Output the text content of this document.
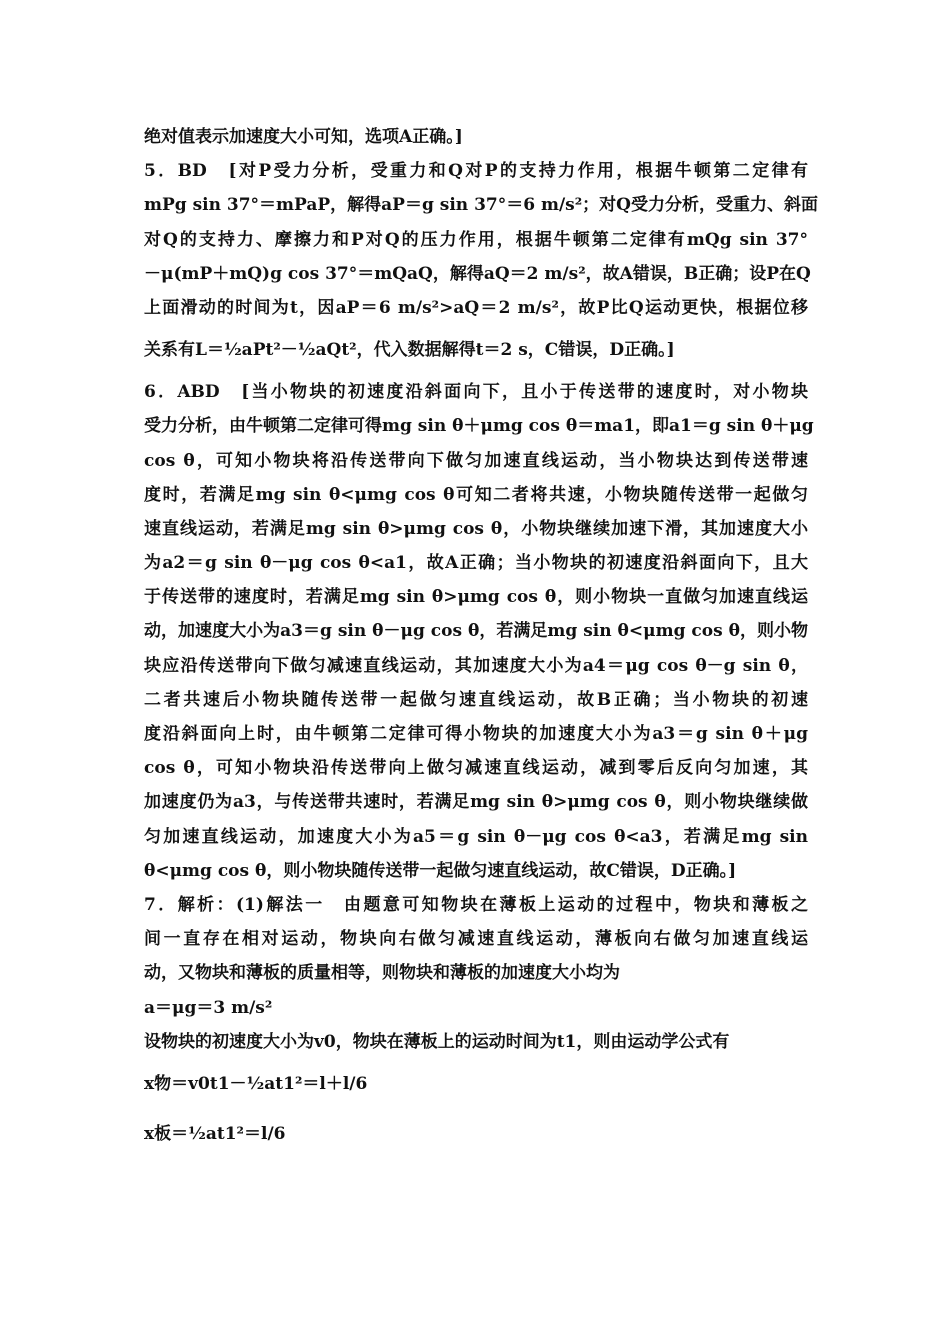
绝对值表示加速度大小可知，选项A正确。]
5．BD　[对P受力分析，受重力和Q对P的支持力作用，根据牛顿第二定律有
mPg sin 37°＝mPaP，解得aP＝g sin 37°＝6 m/s²；对Q受力分析，受重力、斜面
对Q的支持力、摩擦力和P对Q的压力作用，根据牛顿第二定律有mQg sin 37°
－μ(mP＋mQ)g cos 37°＝mQaQ，解得aQ＝2 m/s²，故A错误，B正确；设P在Q
上面滑动的时间为t，因aP＝6 m/s²>aQ＝2 m/s²，故P比Q运动更快，根据位移
关系有L＝½aPt²－½aQt²，代入数据解得t＝2 s，C错误，D正确。]
6．ABD　[当小物块的初速度沿斜面向下，且小于传送带的速度时，对小物块
受力分析，由牛顿第二定律可得mg sin θ＋μmg cos θ＝ma1，即a1＝g sin θ＋μg
cos θ，可知小物块将沿传送带向下做匀加速直线运动，当小物块达到传送带速
度时，若满足mg sin θ<μmg cos θ可知二者将共速，小物块随传送带一起做匀
速直线运动，若满足mg sin θ>μmg cos θ，小物块继续加速下滑，其加速度大小
为a2＝g sin θ－μg cos θ<a1，故A正确；当小物块的初速度沿斜面向下，且大
于传送带的速度时，若满足mg sin θ>μmg cos θ，则小物块一直做匀加速直线运
动，加速度大小为a3＝g sin θ－μg cos θ，若满足mg sin θ<μmg cos θ，则小物
块应沿传送带向下做匀减速直线运动，其加速度大小为a4＝μg cos θ－g sin θ，
二者共速后小物块随传送带一起做匀速直线运动，故B正确；当小物块的初速
度沿斜面向上时，由牛顿第二定律可得小物块的加速度大小为a3＝g sin θ＋μg
cos θ，可知小物块沿传送带向上做匀减速直线运动，减到零后反向匀加速，其
加速度仍为a3，与传送带共速时，若满足mg sin θ>μmg cos θ，则小物块继续做
匀加速直线运动，加速度大小为a5＝g sin θ－μg cos θ<a3，若满足mg sin
θ<μmg cos θ，则小物块随传送带一起做匀速直线运动，故C错误，D正确。]
7．解析：(1)解法一　由题意可知物块在薄板上运动的过程中，物块和薄板之
间一直存在相对运动，物块向右做匀减速直线运动，薄板向右做匀加速直线运
动，又物块和薄板的质量相等，则物块和薄板的加速度大小均为
a＝μg＝3 m/s²
设物块的初速度大小为v0，物块在薄板上的运动时间为t1，则由运动学公式有
x物＝v0t1－½at1²＝l＋l/6
x板＝½at1²＝l/6
